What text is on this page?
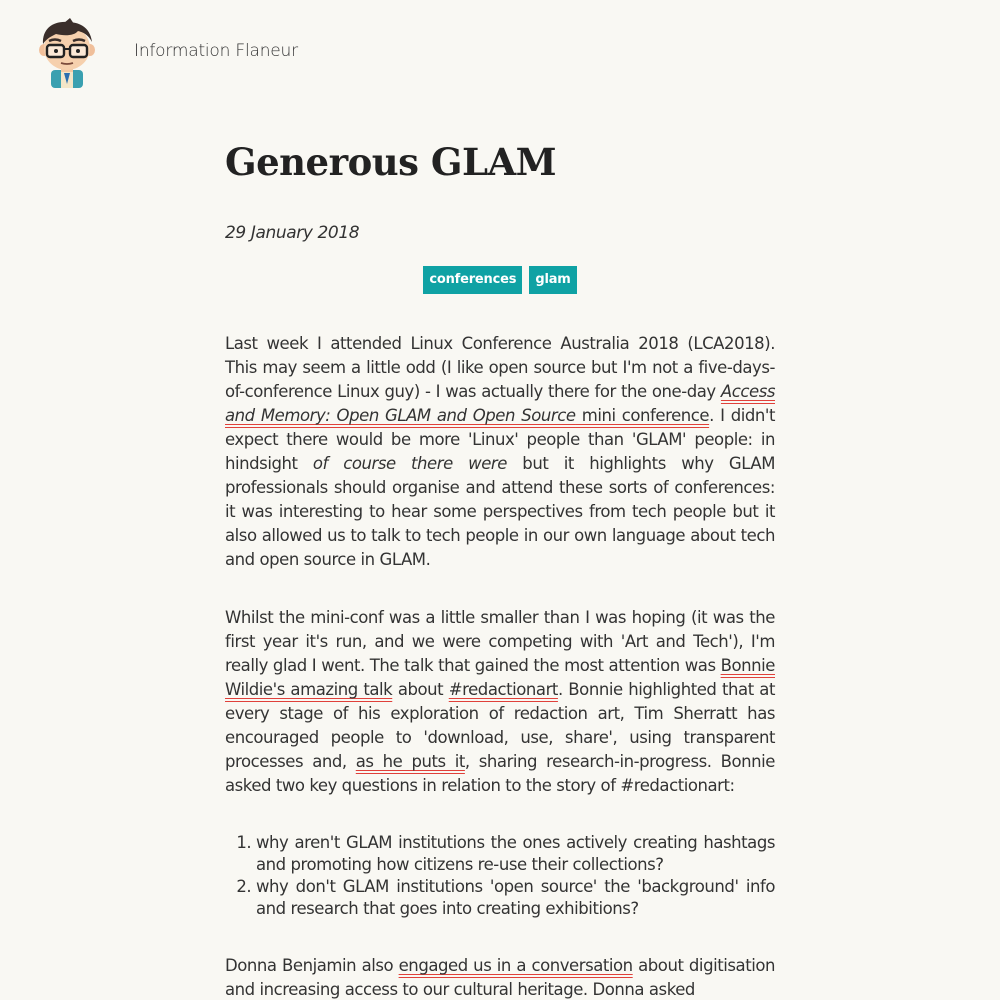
Information Flaneur
Generous GLAM
29 January 2018
conferences glam

Last week I attended Linux Conference Australia 2018 (LCA2018). This may seem a little odd (I like open source but I'm not a five-days-of-conference Linux guy) - I was actually there for the one-day Access and Memory: Open GLAM and Open Source mini conference. I didn't expect there would be more 'Linux' people than 'GLAM' people: in hindsight of course there were but it highlights why GLAM professionals should organise and attend these sorts of conferences: it was interesting to hear some perspectives from tech people but it also allowed us to talk to tech people in our own language about tech and open source in GLAM.

Whilst the mini-conf was a little smaller than I was hoping (it was the first year it's run, and we were competing with 'Art and Tech'), I'm really glad I went. The talk that gained the most attention was Bonnie Wildie's amazing talk about #redactionart. Bonnie highlighted that at every stage of his exploration of redaction art, Tim Sherratt has encouraged people to 'download, use, share', using transparent processes and, as he puts it, sharing research-in-progress. Bonnie asked two key questions in relation to the story of #redactionart:

1. why aren't GLAM institutions the ones actively creating hashtags and promoting how citizens re-use their collections?
2. why don't GLAM institutions 'open source' the 'background' info and research that goes into creating exhibitions?

Donna Benjamin also engaged us in a conversation about digitisation and increasing access to our cultural heritage. Donna asked
